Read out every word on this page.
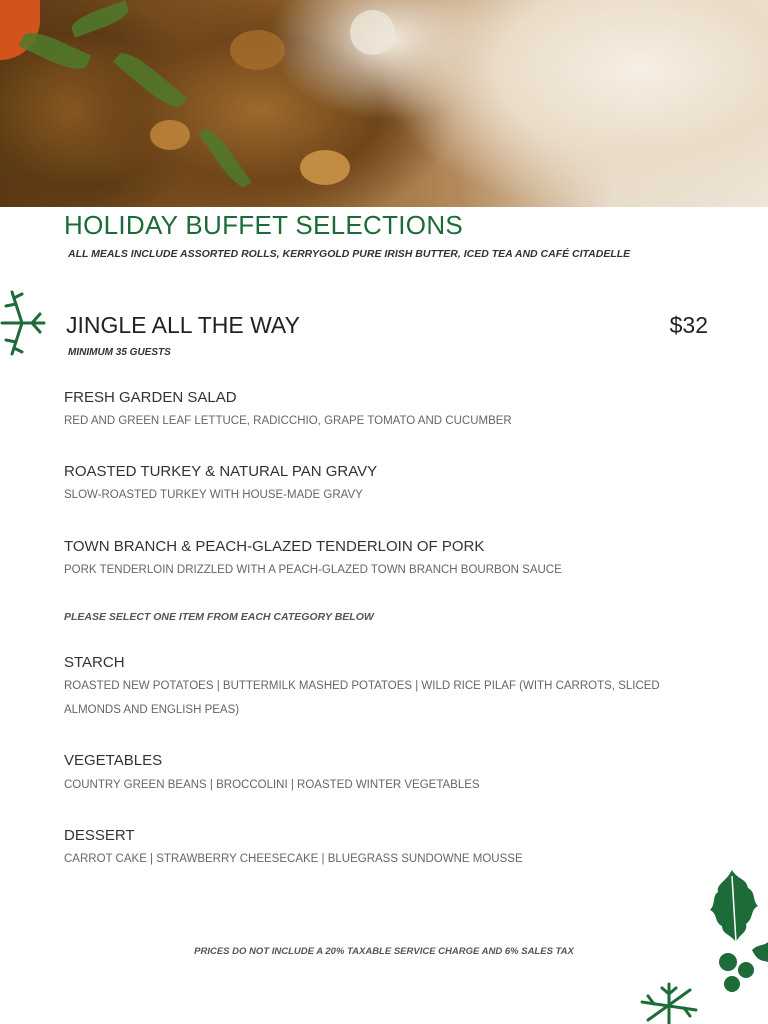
HOLIDAY BUFFET SELECTIONS
ALL MEALS INCLUDE ASSORTED ROLLS, KERRYGOLD PURE IRISH BUTTER, ICED TEA AND CAFÉ CITADELLE
JINGLE ALL THE WAY	$32
MINIMUM 35 GUESTS
FRESH GARDEN SALAD
RED AND GREEN LEAF LETTUCE, RADICCHIO, GRAPE TOMATO AND CUCUMBER
ROASTED TURKEY & NATURAL PAN GRAVY
SLOW-ROASTED TURKEY WITH HOUSE-MADE GRAVY
TOWN BRANCH & PEACH-GLAZED TENDERLOIN OF PORK
PORK TENDERLOIN DRIZZLED WITH A PEACH-GLAZED TOWN BRANCH BOURBON SAUCE
PLEASE SELECT ONE ITEM FROM EACH CATEGORY BELOW
STARCH
ROASTED NEW POTATOES | BUTTERMILK MASHED POTATOES | WILD RICE PILAF (WITH CARROTS, SLICED ALMONDS AND ENGLISH PEAS)
VEGETABLES
COUNTRY GREEN BEANS | BROCCOLINI | ROASTED WINTER VEGETABLES
DESSERT
CARROT CAKE | STRAWBERRY CHEESECAKE | BLUEGRASS SUNDOWNE MOUSSE
PRICES DO NOT INCLUDE A 20% TAXABLE SERVICE CHARGE AND 6% SALES TAX
